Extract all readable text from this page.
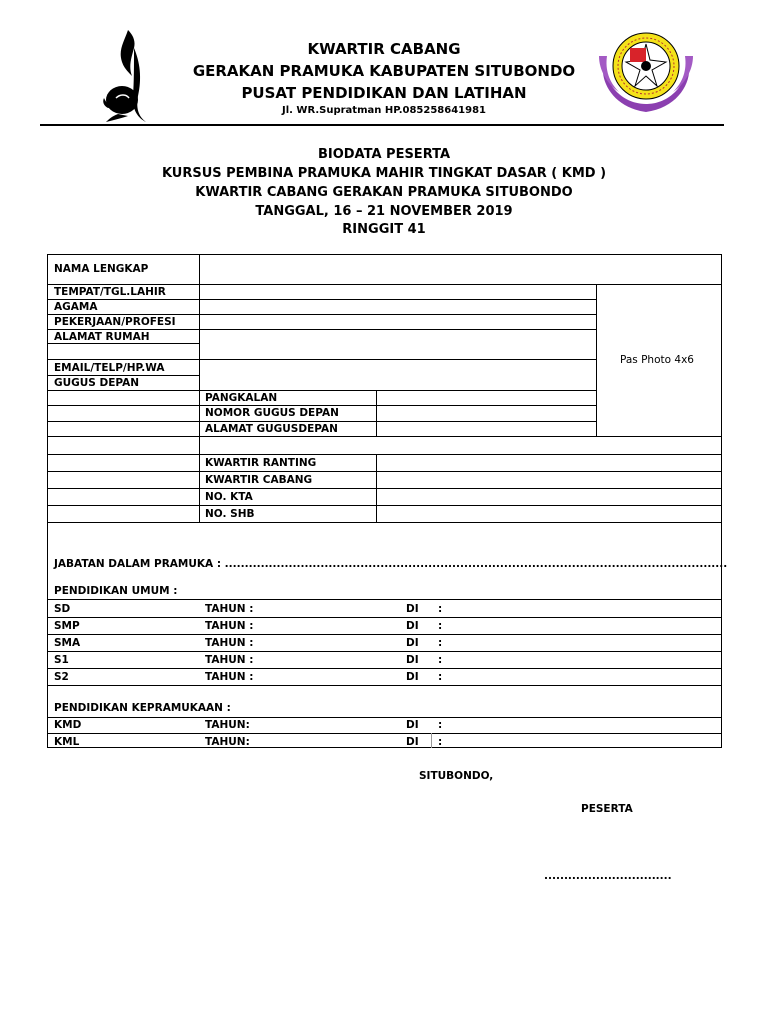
KWARTIR CABANG
GERAKAN PRAMUKA KABUPATEN SITUBONDO
PUSAT PENDIDIKAN DAN LATIHAN
Jl. WR.Supratman HP.085258641981
BIODATA PESERTA
KURSUS PEMBINA PRAMUKA MAHIR TINGKAT DASAR ( KMD )
KWARTIR CABANG GERAKAN PRAMUKA SITUBONDO
TANGGAL, 16 – 21 NOVEMBER 2019
RINGGIT 41
NAMA LENGKAP
TEMPAT/TGL.LAHIR
AGAMA
PEKERJAAN/PROFESI
ALAMAT RUMAH
EMAIL/TELP/HP.WA
GUGUS DEPAN
Pas Photo 4x6
PANGKALAN
NOMOR GUGUS DEPAN
ALAMAT GUGUSDEPAN
KWARTIR RANTING
KWARTIR CABANG
NO. KTA
NO. SHB
JABATAN DALAM PRAMUKA : ..............................................................................................................................
PENDIDIKAN UMUM :
SD	TAHUN :	DI :
SMP	TAHUN :	DI :
SMA	TAHUN :	DI :
S1	TAHUN :	DI :
S2	TAHUN :	DI :
PENDIDIKAN KEPRAMUKAAN :
KMD	TAHUN:	DI :
KML	TAHUN:	DI :
SITUBONDO,
PESERTA
................................
